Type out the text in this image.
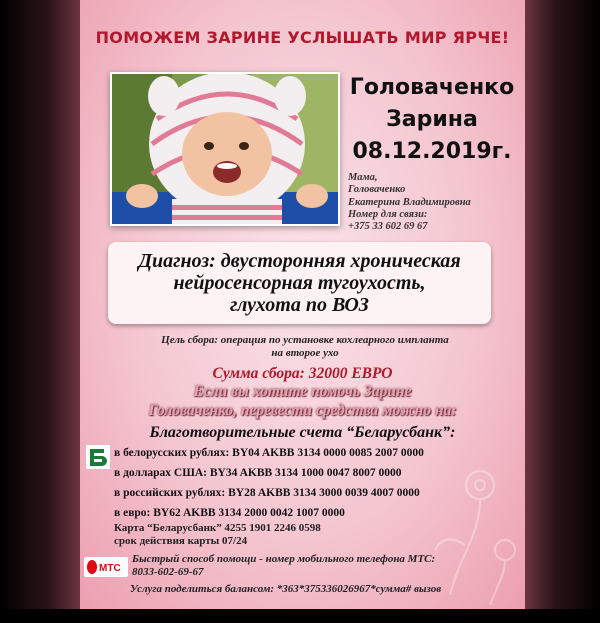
ПОМОЖЕМ ЗАРИНЕ УСЛЫШАТЬ МИР ЯРЧЕ!
Головаченко
Зарина
08.12.2019г.
Мама,
Головаченко
Екатерина Владимировна
Номер для связи:
+375 33 602 69 67
Диагноз: двусторонняя хроническая
нейросенсорная тугоухость,
глухота по ВОЗ
Цель сбора: операция по установке кохлеарного импланта
на второе ухо
Сумма сбора: 32000 ЕВРО
Если вы хотите помочь Зарине
Головаченко, перевести средства можно на:
Благотворительные счета “Беларусбанк”:
в белорусских рублях: BY04 AKBB 3134 0000 0085 2007 0000
в долларах США: BY34 AKBB 3134 1000 0047 8007 0000
в российских рублях: BY28 AKBB 3134 3000 0039 4007 0000
в евро: BY62 AKBB 3134 2000 0042 1007 0000
Карта “Беларусбанк” 4255 1901 2246 0598
срок действия карты 07/24
МТС
Быстрый способ помощи - номер мобильного телефона МТС:
8033-602-69-67
Услуга поделиться балансом: *363*375336026967*сумма# вызов
